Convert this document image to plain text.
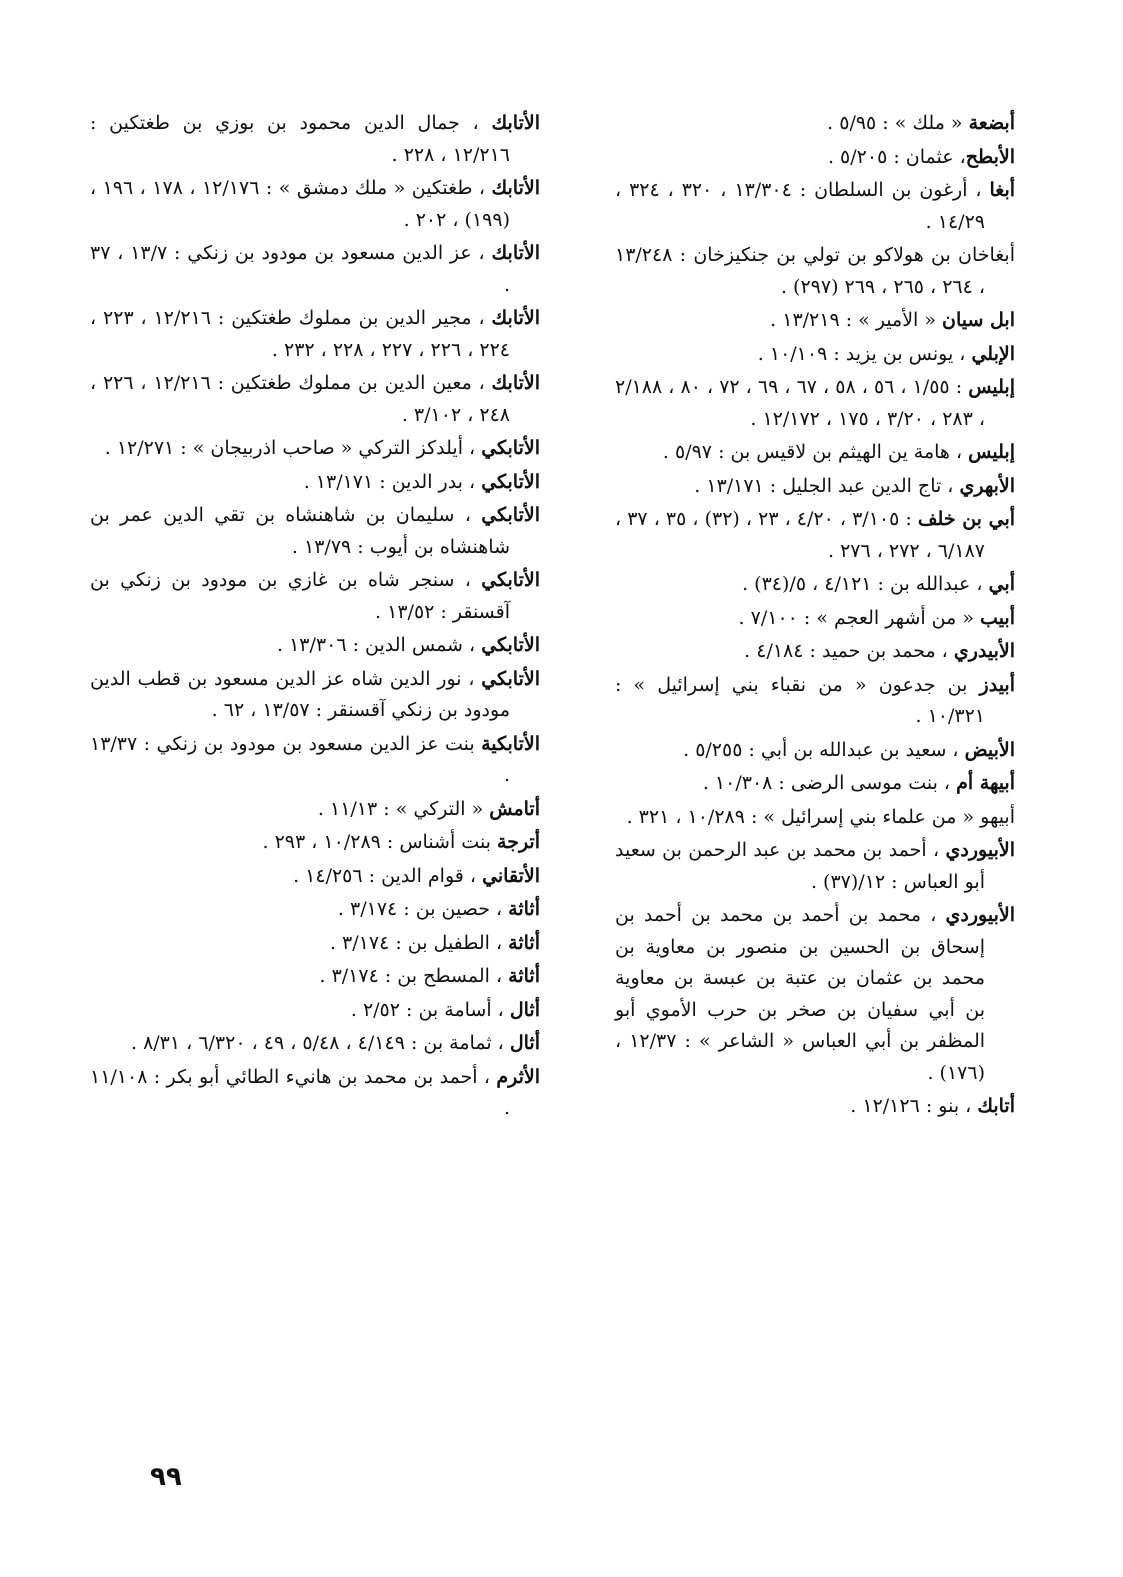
أبضعة « ملك » : ٥/٩٥ .

الأبطح، عثمان : ٥/٢٠٥ .

أبغا ، أرغون بن السلطان : ١٣/٣٠٤ ، ٣٢٠ ، ٣٢٤ ، ١٤/٢٩ .

أبغاخان بن هولاكو بن تولي بن جنكيزخان : ١٣/٢٤٨ ، ٢٦٤ ، ٢٦٥ ، ٢٦٩ (٢٩٧) .

ابل سيان « الأمير » : ١٣/٢١٩ .

الإبلي ، يونس بن يزيد : ١٠/١٠٩ .

إبليس : ١/٥٥ ، ٥٦ ، ٥٨ ، ٦٧ ، ٦٩ ، ٧٢ ، ٨٠ ، ٢/١٨٨ ، ٢٨٣ ، ٣/٢٠ ، ١٧٥ ، ١٢/١٧٢ .

إبليس ، هامة ين الهيثم بن لاقيس بن : ٥/٩٧ .

الأبهري ، تاج الدين عبد الجليل : ١٣/١٧١ .

أبي بن خلف : ٣/١٠٥ ، ٤/٢٠ ، ٢٣ ، (٣٢) ، ٣٥ ، ٣٧ ، ٦/١٨٧ ، ٢٧٢ ، ٢٧٦ .

أبي ، عبدالله بن : ٤/١٢١ ، ٥/(٣٤) .

أبيب « من أشهر العجم » : ٧/١٠٠ .

الأبيدري ، محمد بن حميد : ٤/١٨٤ .

أبيدز بن جدعون « من نقباء بني إسرائيل » : ١٠/٣٢١ .

الأبيض ، سعيد بن عبدالله بن أبي : ٥/٢٥٥ .

أبيهة أم ، بنت موسى الرضى : ١٠/٣٠٨ .

أبيهو « من علماء بني إسرائيل » : ١٠/٢٨٩ ، ٣٢١ .

الأبيوردي ، أحمد بن محمد بن عبد الرحمن بن سعيد أبو العباس : ١٢/(٣٧) .

الأبيوردي ، محمد بن أحمد بن محمد بن أحمد بن إسحاق بن الحسين بن منصور بن معاوية بن محمد بن عثمان بن عتبة بن عبسة بن معاوية بن أبي سفيان بن صخر بن حرب الأموي أبو المظفر بن أبي العباس « الشاعر » : ١٢/٣٧ ، (١٧٦) .

أتابك ، بنو : ١٢/١٢٦ .

الأتابك ، جمال الدين محمود بن بوزي بن طغتكين : ١٢/٢١٦ ، ٢٢٨ .

الأتابك ، طغتكين « ملك دمشق » : ١٢/١٧٦ ، ١٧٨ ، ١٩٦ ، (١٩٩) ، ٢٠٢ .

الأتابك ، عز الدين مسعود بن مودود بن زنكي : ١٣/٧ ، ٣٧ .

الأتابك ، مجير الدين بن مملوك طغتكين : ١٢/٢١٦ ، ٢٢٣ ، ٢٢٤ ، ٢٢٦ ، ٢٢٧ ، ٢٢٨ ، ٢٣٢ .

الأتابك ، معين الدين بن مملوك طغتكين : ١٢/٢١٦ ، ٢٢٦ ، ٢٤٨ ، ٣/١٠٢ .

الأتابكي ، أيلدكز التركي « صاحب اذربيجان » : ١٢/٢٧١ .

الأتابكي ، بدر الدين : ١٣/١٧١ .

الأتابكي ، سليمان بن شاهنشاه بن تقي الدين عمر بن شاهنشاه بن أيوب : ١٣/٧٩ .

الأتابكي ، سنجر شاه بن غازي بن مودود بن زنكي بن آقسنقر : ١٣/٥٢ .

الأتابكي ، شمس الدين : ١٣/٣٠٦ .

الأتابكي ، نور الدين شاه عز الدين مسعود بن قطب الدين مودود بن زنكي آقسنقر : ١٣/٥٧ ، ٦٢ .

الأتابكية بنت عز الدين مسعود بن مودود بن زنكي : ١٣/٣٧ .

أتامش « التركي » : ١١/١٣ .

أترجة بنت أشناس : ١٠/٢٨٩ ، ٢٩٣ .

الأتقاني ، قوام الدين : ١٤/٢٥٦ .

أثاثة ، حصين بن : ٣/١٧٤ .

أثاثة ، الطفيل بن : ٣/١٧٤ .

أثاثة ، المسطح بن : ٣/١٧٤ .

أثال ، أسامة بن : ٢/٥٢ .

أثال ، ثمامة بن : ٤/١٤٩ ، ٥/٤٨ ، ٤٩ ، ٦/٣٢٠ ، ٨/٣١ .

الأثرم ، أحمد بن محمد بن هانيء الطائي أبو بكر : ١١/١٠٨ .

٩٩
